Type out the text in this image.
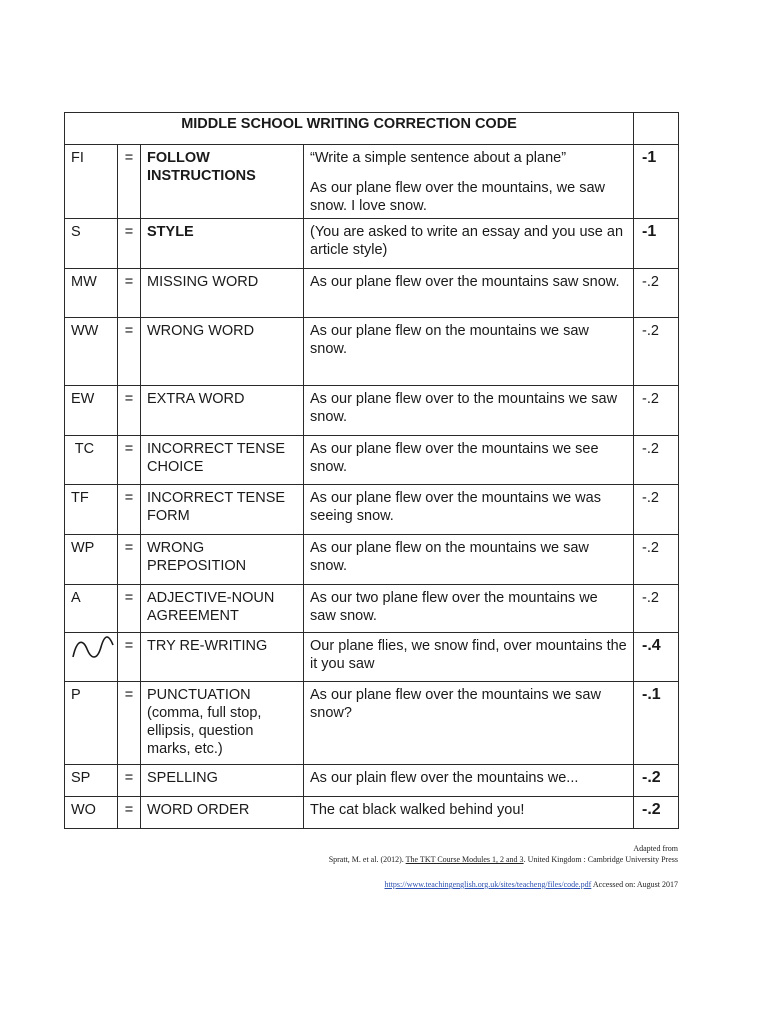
MIDDLE SCHOOL WRITING CORRECTION CODE				
FI	=	FOLLOW INSTRUCTIONS	“Write a simple sentence about a plane”
As our plane flew over the mountains, we saw snow. I love snow.	-1
S	=	STYLE	(You are asked to write an essay and you use an article style)	-1
MW	=	MISSING WORD	As our plane flew over the mountains saw snow.	-.2
WW	=	WRONG WORD	As our plane flew on the mountains we saw snow.	-.2
EW	=	EXTRA WORD	As our plane flew over to the mountains we saw snow.	-.2
TC	=	INCORRECT TENSE CHOICE	As our plane flew over the mountains we see snow.	-.2
TF	=	INCORRECT TENSE FORM	As our plane flew over the mountains we was seeing snow.	-.2
WP	=	WRONG PREPOSITION	As our plane flew on the mountains we saw snow.	-.2
A	=	ADJECTIVE-NOUN AGREEMENT	As our two plane flew over the mountains we saw snow.	-.2

	=	TRY RE-WRITING	Our plane flies, we snow find, over mountains the it you saw	-.4
P	=	PUNCTUATION (comma, full stop, ellipsis, question marks, etc.)	As our plane flew over the mountains we saw snow?	-.1
SP	=	SPELLING	As our plain flew over the mountains we...	-.2
WO	=	WORD ORDER	The cat black walked behind you!	-.2
Adapted from
Spratt, M. et al. (2012). The TKT Course Modules 1, 2 and 3. United Kingdom : Cambridge University Press
https://www.teachingenglish.org.uk/sites/teacheng/files/code.pdf Accessed on: August 2017
